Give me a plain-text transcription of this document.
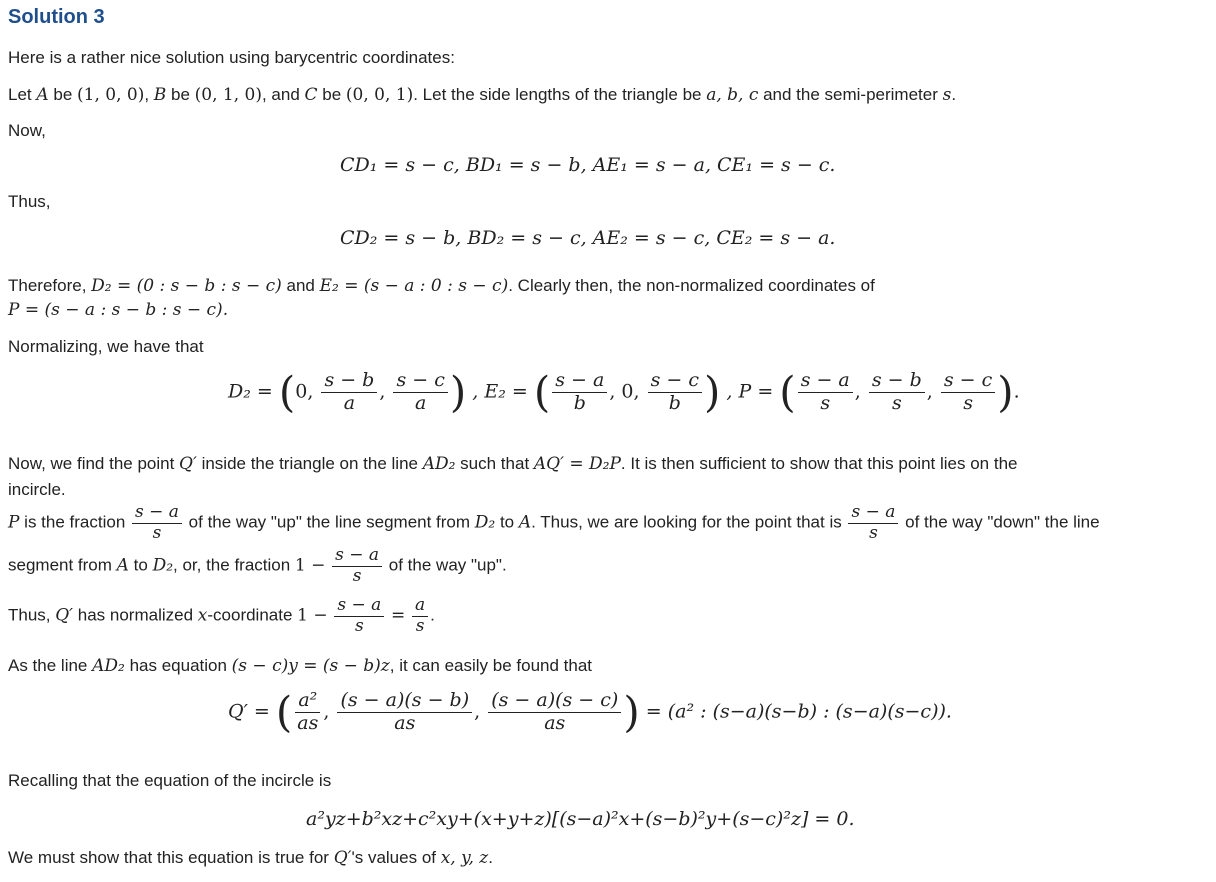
Solution 3
Here is a rather nice solution using barycentric coordinates:
Let A be (1, 0, 0), B be (0, 1, 0), and C be (0, 0, 1). Let the side lengths of the triangle be a, b, c and the semi-perimeter s.
Now,
CD₁ = s − c, BD₁ = s − b, AE₁ = s − a, CE₁ = s − c.
Thus,
CD₂ = s − b, BD₂ = s − c, AE₂ = s − c, CE₂ = s − a.
Therefore, D₂ = (0 : s − b : s − c) and E₂ = (s − a : 0 : s − c). Clearly then, the non-normalized coordinates of
P = (s − a : s − b : s − c).
Normalizing, we have that
D₂ = (0, $\frac{s - b}{a}$ , $\frac{s - c}{a}$ ) , E₂ = ( $\frac{s - a}{b}$ , 0, $\frac{s - c}{b}$ ) , P = ( $\frac{s - a}{s}$ , $\frac{s - b}{s}$ , $\frac{s - c}{s}$ ).
Now, we find the point Q′ inside the triangle on the line AD₂ such that AQ′ = D₂P. It is then sufficient to show that this point lies on the
incircle.
P is the fraction $\frac{s - a}{s}$ of the way "up" the line segment from D₂ to A. Thus, we are looking for the point that is $\frac{s - a}{s}$ of the way "down" the line
segment from A to D₂, or, the fraction $1 - \frac{s - a}{s}$ of the way "up".
Thus, Q′ has normalized x-coordinate $1 - \frac{s - a}{s} = \frac{a}{s}$ .
As the line AD₂ has equation (s − c)y = (s − b)z, it can easily be found that
Q′ = ( $\frac{\text{a²}}{as}$ , $\frac{(s - a)(s - b)}{as}$ , $\frac{(s - a)(s - c)}{as}$ ) = (a² : (s−a)(s−b) : (s−a)(s−c)).
Recalling that the equation of the incircle is
a²yz+b²xz+c²xy+(x+y+z)[(s−a)²x+(s−b)²y+(s−c)²z] = 0.
We must show that this equation is true for Q′'s values of x, y, z.
